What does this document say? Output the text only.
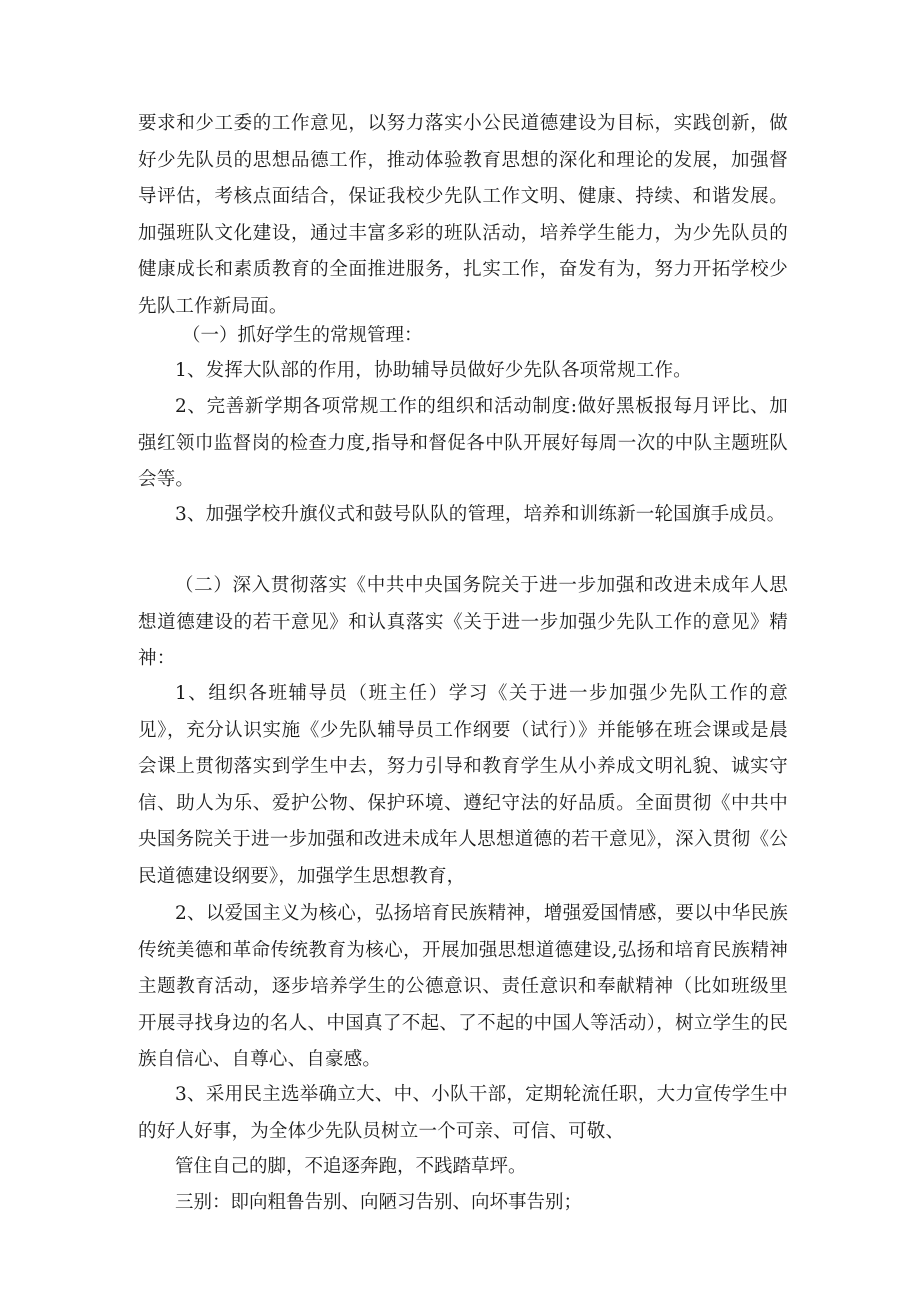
要求和少工委的工作意见，以努力落实小公民道德建设为目标，实践创新，做好少先队员的思想品德工作，推动体验教育思想的深化和理论的发展，加强督导评估，考核点面结合，保证我校少先队工作文明、健康、持续、和谐发展。加强班队文化建设，通过丰富多彩的班队活动，培养学生能力，为少先队员的健康成长和素质教育的全面推进服务，扎实工作，奋发有为，努力开拓学校少先队工作新局面。

（一）抓好学生的常规管理：

1、发挥大队部的作用，协助辅导员做好少先队各项常规工作。

2、完善新学期各项常规工作的组织和活动制度:做好黑板报每月评比、加强红领巾监督岗的检查力度,指导和督促各中队开展好每周一次的中队主题班队会等。

3、加强学校升旗仪式和鼓号队队的管理，培养和训练新一轮国旗手成员。

（二）深入贯彻落实《中共中央国务院关于进一步加强和改进未成年人思想道德建设的若干意见》和认真落实《关于进一步加强少先队工作的意见》精神：

1、组织各班辅导员（班主任）学习《关于进一步加强少先队工作的意见》，充分认识实施《少先队辅导员工作纲要（试行）》并能够在班会课或是晨会课上贯彻落实到学生中去，努力引导和教育学生从小养成文明礼貌、诚实守信、助人为乐、爱护公物、保护环境、遵纪守法的好品质。全面贯彻《中共中央国务院关于进一步加强和改进未成年人思想道德的若干意见》，深入贯彻《公民道德建设纲要》，加强学生思想教育，

2、以爱国主义为核心，弘扬培育民族精神，增强爱国情感，要以中华民族传统美德和革命传统教育为核心，开展加强思想道德建设,弘扬和培育民族精神主题教育活动，逐步培养学生的公德意识、责任意识和奉献精神（比如班级里开展寻找身边的名人、中国真了不起、了不起的中国人等活动），树立学生的民族自信心、自尊心、自豪感。

3、采用民主选举确立大、中、小队干部，定期轮流任职，大力宣传学生中的好人好事，为全体少先队员树立一个可亲、可信、可敬、

管住自己的脚，不追逐奔跑，不践踏草坪。

三别：即向粗鲁告别、向陋习告别、向坏事告别；
